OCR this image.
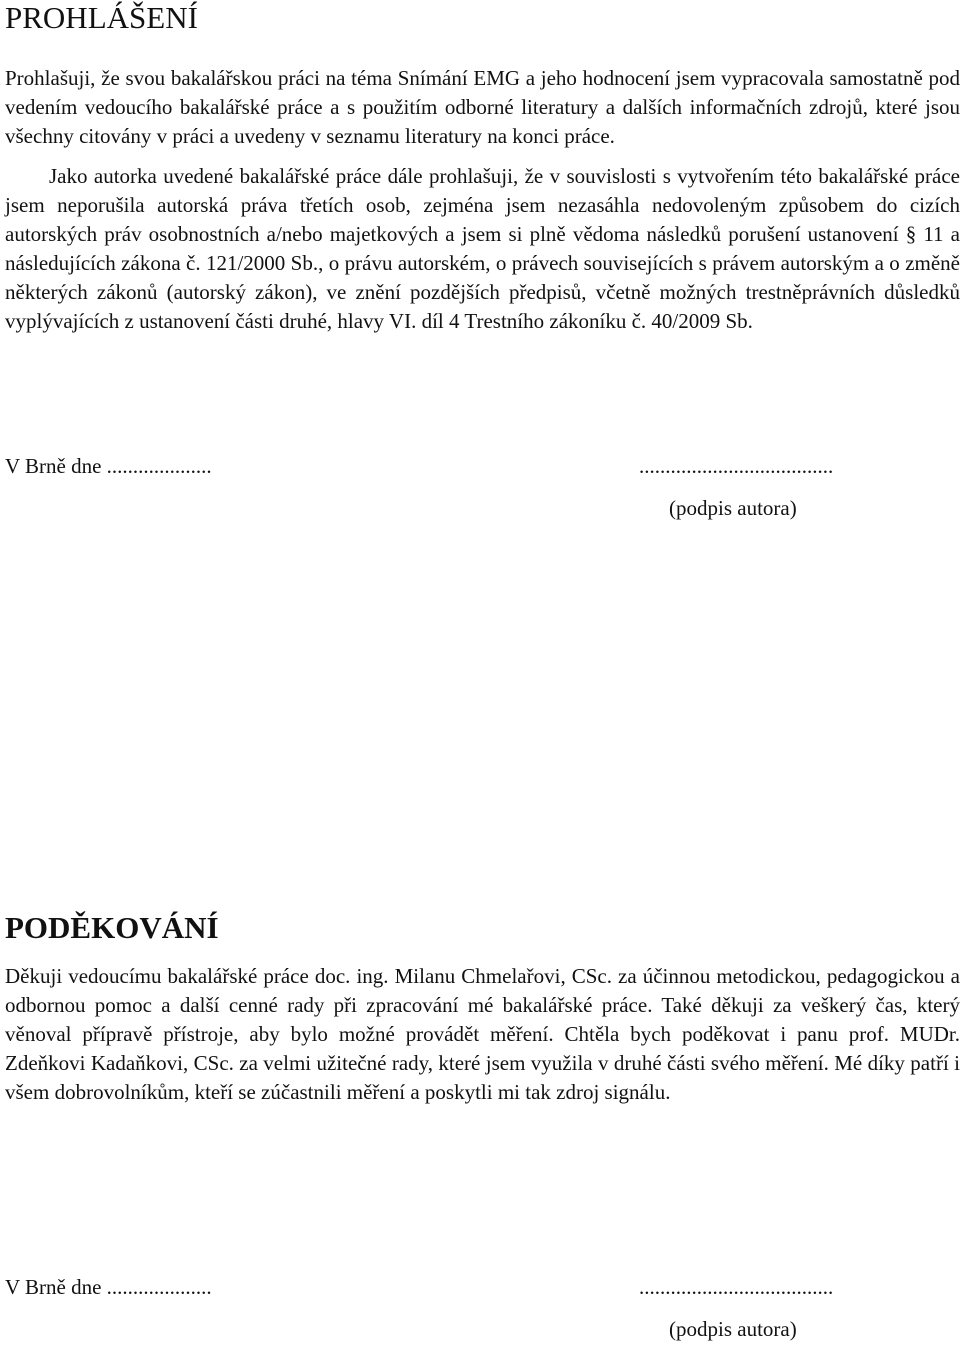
PROHLÁŠENÍ

Prohlašuji, že svou bakalářskou práci na téma Snímání EMG a jeho hodnocení jsem vypracovala samostatně pod vedením vedoucího bakalářské práce a s použitím odborné literatury a dalších informačních zdrojů, které jsou všechny citovány v práci a uvedeny v seznamu literatury na konci práce.

Jako autorka uvedené bakalářské práce dále prohlašuji, že v souvislosti s vytvořením této bakalářské práce jsem neporušila autorská práva třetích osob, zejména jsem nezasáhla nedovoleným způsobem do cizích autorských práv osobnostních a/nebo majetkových a jsem si plně vědoma následků porušení ustanovení § 11 a následujících zákona č. 121/2000 Sb., o právu autorském, o právech souvisejících s právem autorským a o změně některých zákonů (autorský zákon), ve znění pozdějších předpisů, včetně možných trestněprávních důsledků vyplývajících z ustanovení části druhé, hlavy VI. díl 4 Trestního zákoníku č. 40/2009 Sb.

V Brně dne ....................	.....................................
(podpis autora)
PODĚKOVÁNÍ

Děkuji vedoucímu bakalářské práce doc. ing. Milanu Chmelařovi, CSc. za účinnou metodickou, pedagogickou a odbornou pomoc a další cenné rady při zpracování mé bakalářské práce. Také děkuji za veškerý čas, který věnoval přípravě přístroje, aby bylo možné provádět měření. Chtěla bych poděkovat i panu prof. MUDr. Zdeňkovi Kadaňkovi, CSc. za velmi užitečné rady, které jsem využila v druhé části svého měření. Mé díky patří i všem dobrovolníkům, kteří se zúčastnili měření a poskytli mi tak zdroj signálu.

V Brně dne ....................	.....................................
(podpis autora)
